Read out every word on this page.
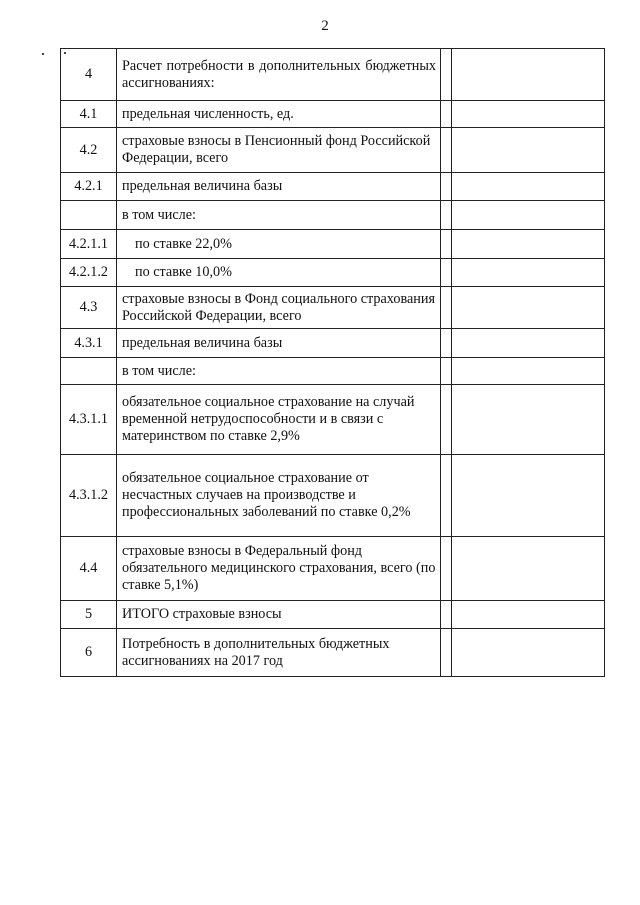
2
4	Расчет потребности в дополнительных бюджетных ассигнованиях:		
4.1	предельная численность, ед.		
4.2	страховые взносы в Пенсионный фонд Российской Федерации, всего		
4.2.1	предельная величина базы		
	в том числе:		
4.2.1.1	по ставке 22,0%		
4.2.1.2	по ставке 10,0%		
4.3	страховые взносы в Фонд социального страхования Российской Федерации, всего		
4.3.1	предельная величина базы		
	в том числе:		
4.3.1.1	обязательное социальное страхование на случай временной нетрудоспособности и в связи с материнством по ставке 2,9%		
4.3.1.2	обязательное социальное страхование от несчастных случаев на производстве и профессиональных заболеваний по ставке 0,2%		
4.4	страховые взносы в Федеральный фонд обязательного медицинского страхования, всего (по ставке 5,1%)		
5	ИТОГО страховые взносы		
6	Потребность в дополнительных бюджетных ассигнованиях на 2017 год		
